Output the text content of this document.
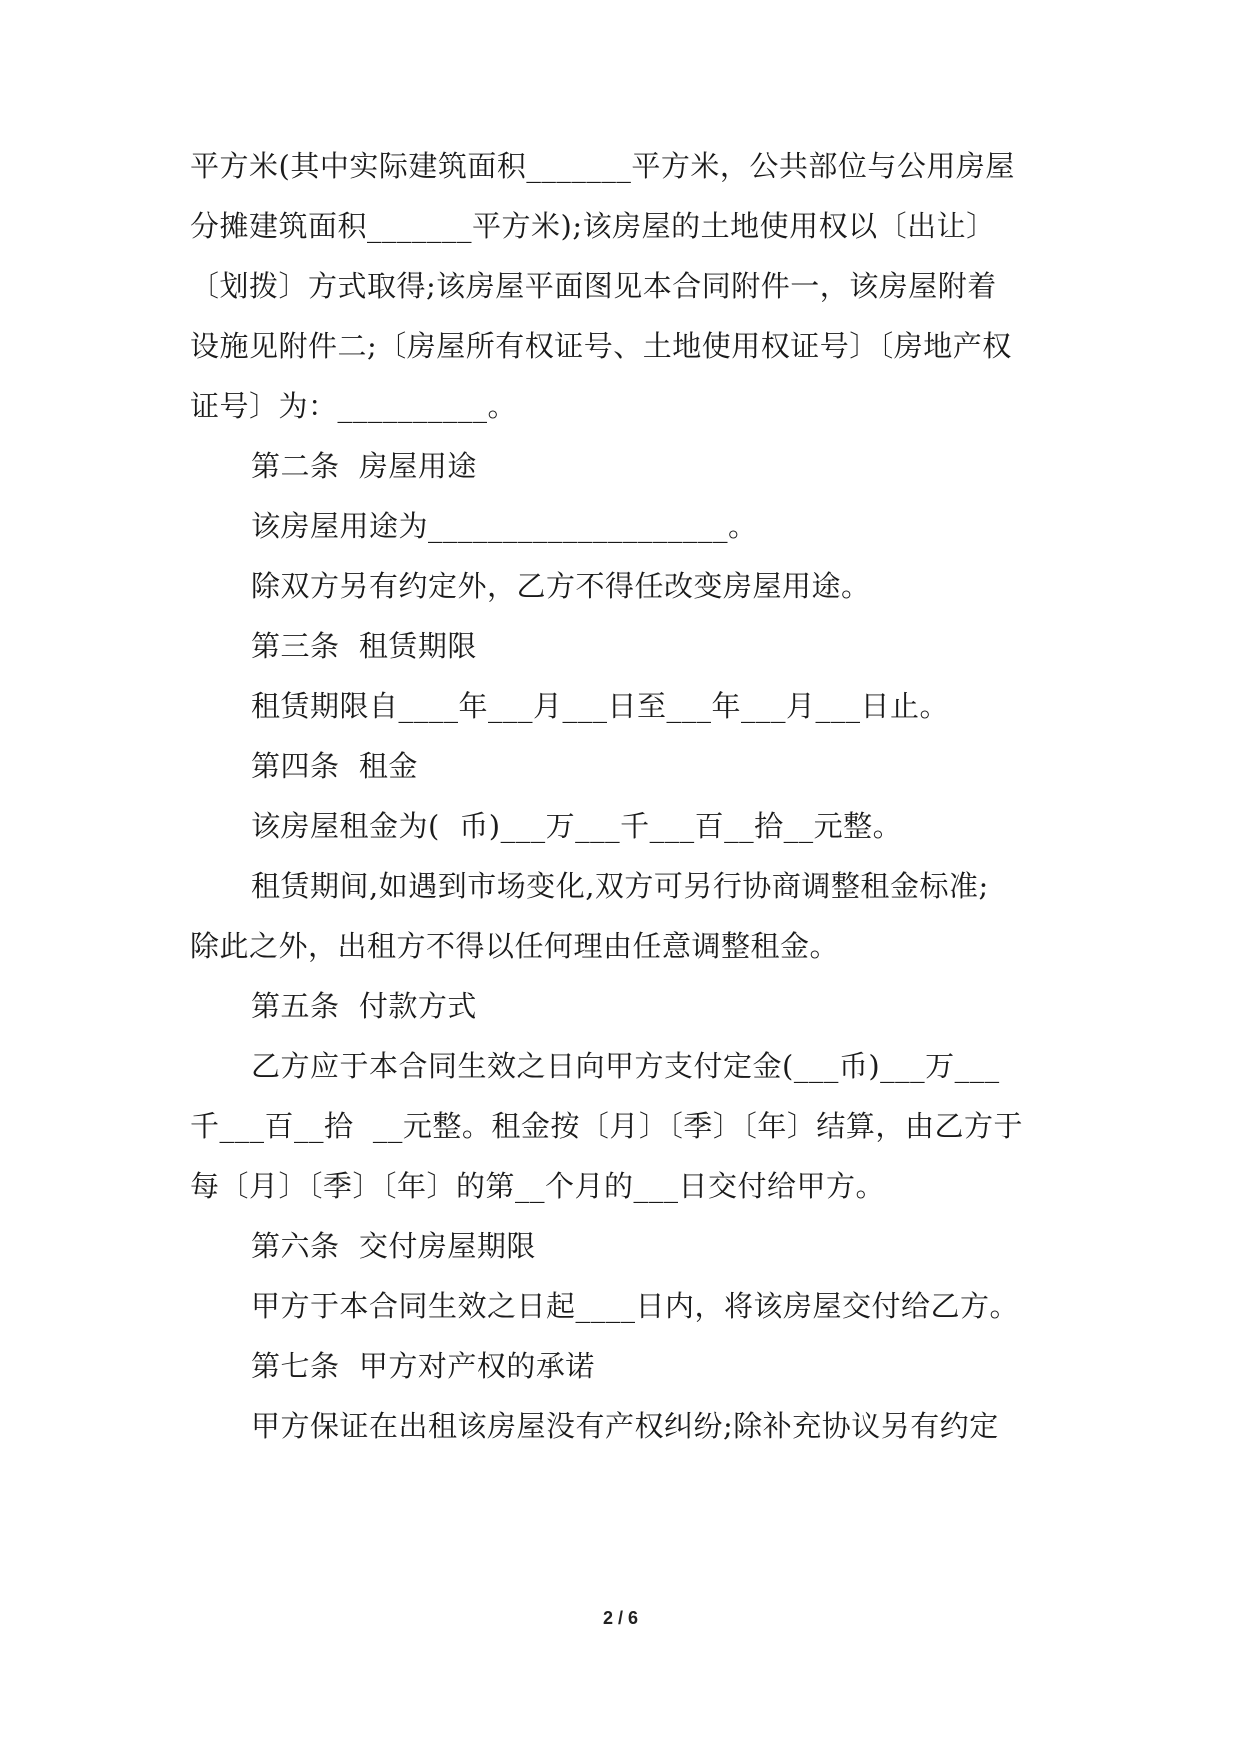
平方米(其中实际建筑面积_______平方米，公共部位与公用房屋
分摊建筑面积_______平方米);该房屋的土地使用权以〔出让〕
〔划拨〕方式取得;该房屋平面图见本合同附件一，该房屋附着
设施见附件二;〔房屋所有权证号、土地使用权证号〕〔房地产权
证号〕为：__________。
第二条  房屋用途
该房屋用途为____________________。
除双方另有约定外，乙方不得任改变房屋用途。
第三条  租赁期限
租赁期限自____年___月___日至___年___月___日止。
第四条  租金
该房屋租金为(  币)___万___千___百__拾__元整。
租赁期间,如遇到市场变化,双方可另行协商调整租金标准;
除此之外，出租方不得以任何理由任意调整租金。
第五条  付款方式
乙方应于本合同生效之日向甲方支付定金(___币)___万___
千___百__拾  __元整。租金按〔月〕〔季〕〔年〕结算，由乙方于
每〔月〕〔季〕〔年〕的第__个月的___日交付给甲方。
第六条  交付房屋期限
甲方于本合同生效之日起____日内，将该房屋交付给乙方。
第七条  甲方对产权的承诺
甲方保证在出租该房屋没有产权纠纷;除补充协议另有约定
2 / 6
